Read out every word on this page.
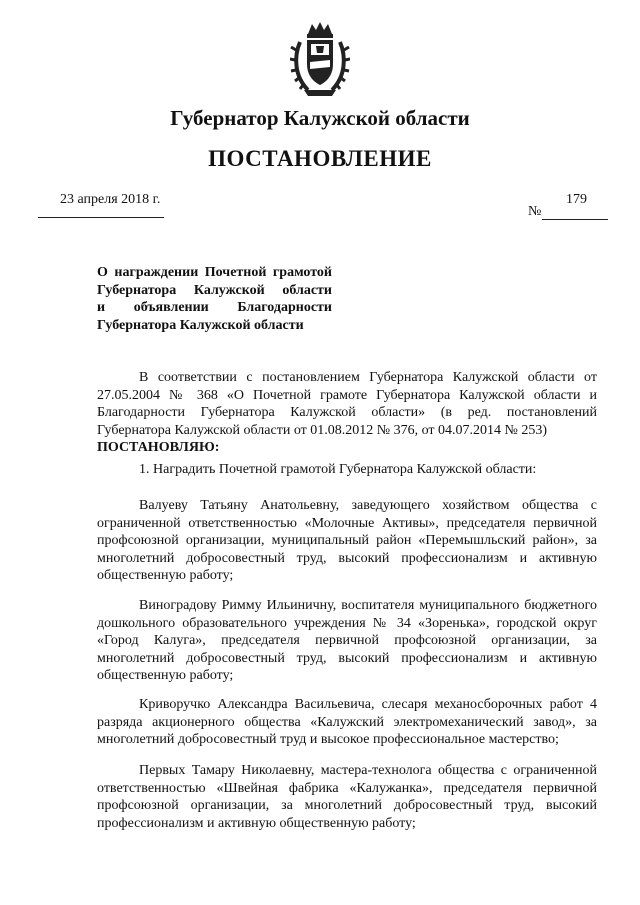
Губернатор Калужской области
ПОСТАНОВЛЕНИЕ
23 апреля 2018 г.	179
№
О награждении Почетной грамотой
Губернатора Калужской области
и объявлении Благодарности
Губернатора Калужской области

В соответствии с постановлением Губернатора Калужской области от 27.05.2004 № 368 «О Почетной грамоте Губернатора Калужской области и Благодарности Губернатора Калужской области» (в ред. постановлений Губернатора Калужской области от 01.08.2012 № 376, от 04.07.2014 № 253)

ПОСТАНОВЛЯЮ:

1. Наградить Почетной грамотой Губернатора Калужской области:

Валуеву Татьяну Анатольевну, заведующего хозяйством общества с ограниченной ответственностью «Молочные Активы», председателя первичной профсоюзной организации, муниципальный район «Перемышльский район», за многолетний добросовестный труд, высокий профессионализм и активную общественную работу;

Виноградову Римму Ильиничну, воспитателя муниципального бюджетного дошкольного образовательного учреждения № 34 «Зоренька», городской округ «Город Калуга», председателя первичной профсоюзной организации, за многолетний добросовестный труд, высокий профессионализм и активную общественную работу;

Криворучко Александра Васильевича, слесаря механосборочных работ 4 разряда акционерного общества «Калужский электромеханический завод», за многолетний добросовестный труд и высокое профессиональное мастерство;

Первых Тамару Николаевну, мастера-технолога общества с ограниченной ответственностью «Швейная фабрика «Калужанка», председателя первичной профсоюзной организации, за многолетний добросовестный труд, высокий профессионализм и активную общественную работу;
